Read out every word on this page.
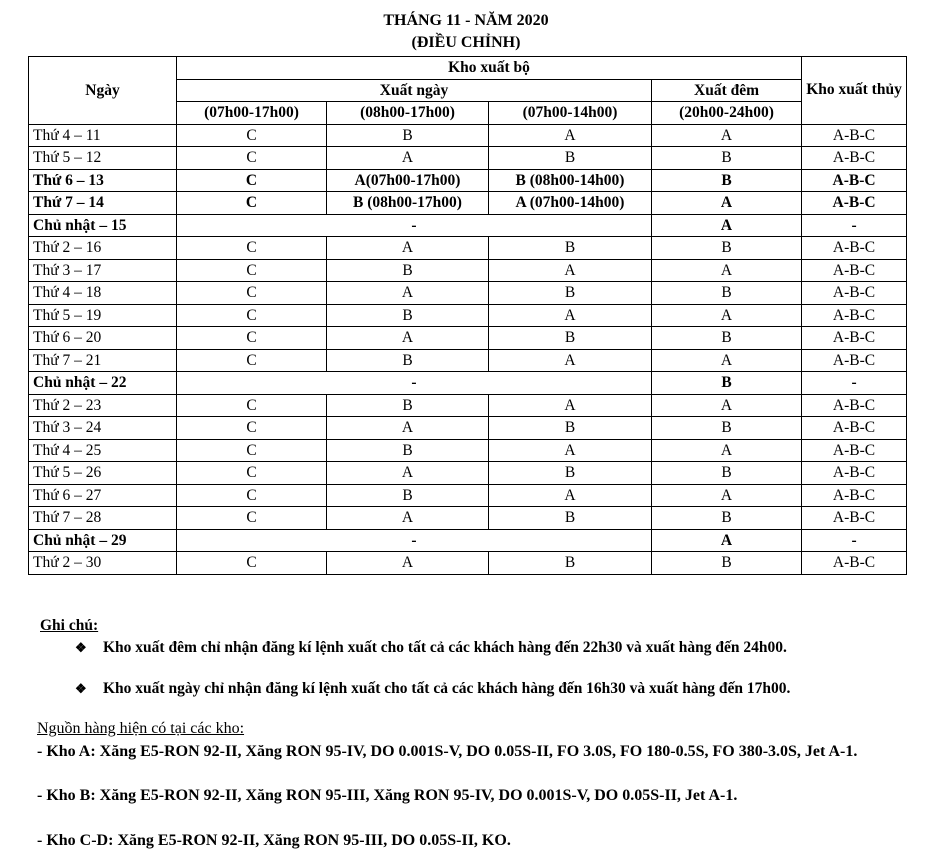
THÁNG 11 - NĂM 2020
(ĐIỀU CHỈNH)
Ngày	Kho xuất bộ				Kho xuất thủy
	Xuất ngày			Xuất đêm	
	(07h00-17h00)	(08h00-17h00)	(07h00-14h00)	(20h00-24h00)	
Thứ 4 – 11	C	B	A	A	A-B-C
Thứ 5 – 12	C	A	B	B	A-B-C
Thứ 6 – 13	C	A(07h00-17h00)	B (08h00-14h00)	B	A-B-C
Thứ 7 – 14	C	B (08h00-17h00)	A (07h00-14h00)	A	A-B-C
Chủ nhật – 15	-			A	-
Thứ 2 – 16	C	A	B	B	A-B-C
Thứ 3 – 17	C	B	A	A	A-B-C
Thứ 4 – 18	C	A	B	B	A-B-C
Thứ 5 – 19	C	B	A	A	A-B-C
Thứ 6 – 20	C	A	B	B	A-B-C
Thứ 7 – 21	C	B	A	A	A-B-C
Chủ nhật – 22	-			B	-
Thứ 2 – 23	C	B	A	A	A-B-C
Thứ 3 – 24	C	A	B	B	A-B-C
Thứ 4 – 25	C	B	A	A	A-B-C
Thứ 5 – 26	C	A	B	B	A-B-C
Thứ 6 – 27	C	B	A	A	A-B-C
Thứ 7 – 28	C	A	B	B	A-B-C
Chủ nhật – 29	-			A	-
Thứ 2 – 30	C	A	B	B	A-B-C
Ghi chú:
❖ Kho xuất đêm chỉ nhận đăng kí lệnh xuất cho tất cả các khách hàng đến 22h30 và xuất hàng đến 24h00.
❖ Kho xuất ngày chỉ nhận đăng kí lệnh xuất cho tất cả các khách hàng đến 16h30 và xuất hàng đến 17h00.
Nguồn hàng hiện có tại các kho:
- Kho A: Xăng E5-RON 92-II, Xăng RON 95-IV, DO 0.001S-V, DO 0.05S-II, FO 3.0S, FO 180-0.5S, FO 380-3.0S, Jet A-1.
- Kho B: Xăng E5-RON 92-II, Xăng RON 95-III, Xăng RON 95-IV, DO 0.001S-V, DO 0.05S-II, Jet A-1.
- Kho C-D: Xăng E5-RON 92-II, Xăng RON 95-III, DO 0.05S-II, KO.
